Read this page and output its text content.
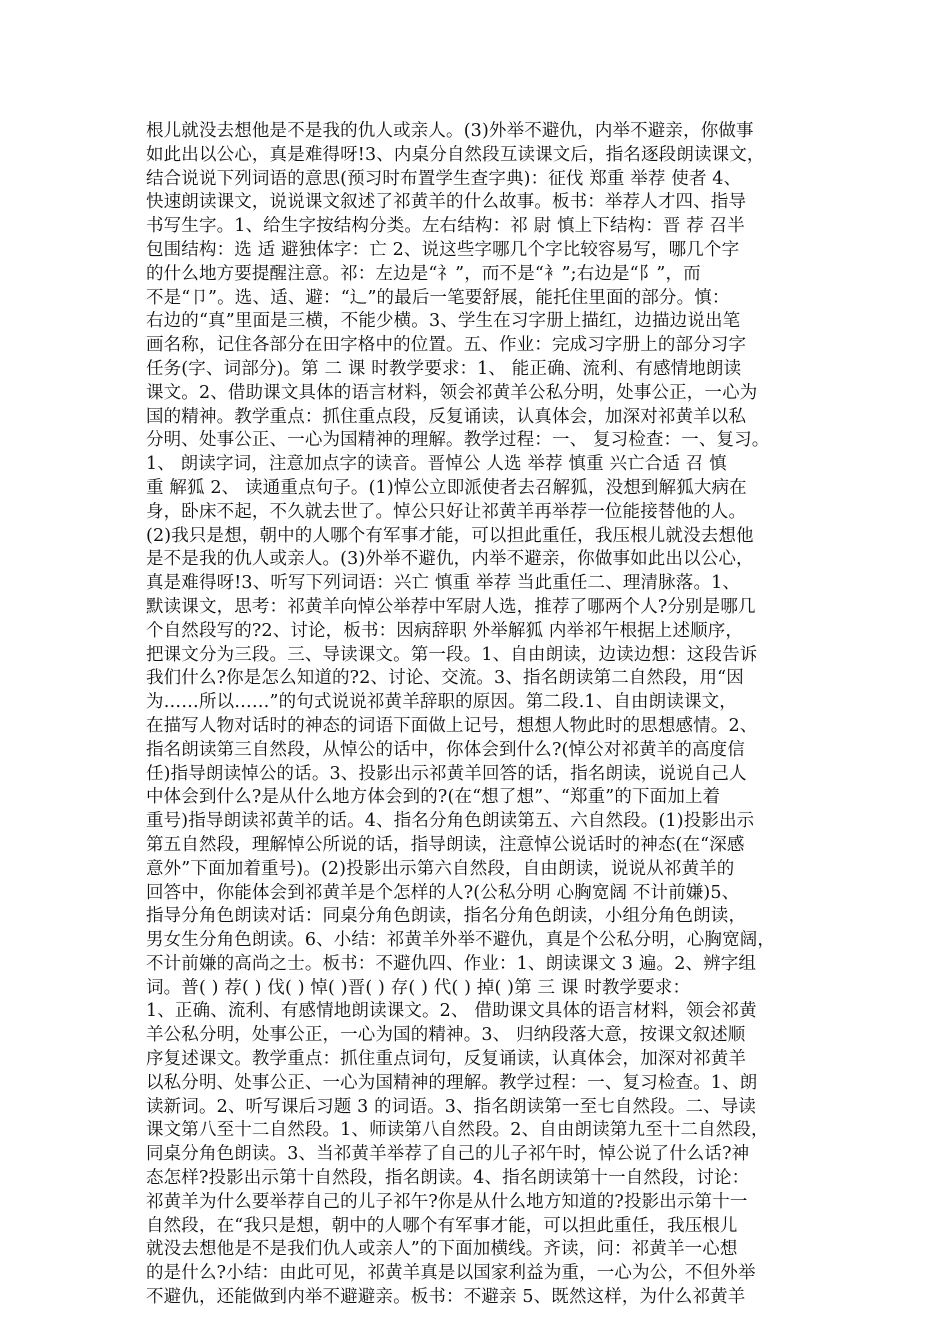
根儿就没去想他是不是我的仇人或亲人。(3)外举不避仇，内举不避亲，你做事
如此出以公心，真是难得呀!3、内桌分自然段互读课文后，指名逐段朗读课文，
结合说说下列词语的意思(预习时布置学生查字典)：征伐 郑重 举荐 使者 4、
快速朗读课文，说说课文叙述了祁黄羊的什么故事。板书：举荐人才四、指导
书写生字。1、给生字按结构分类。左右结构：祁 尉 慎上下结构：晋 荐 召半
包围结构：选 适 避独体字：亡 2、说这些字哪几个字比较容易写，哪几个字
的什么地方要提醒注意。祁：左边是“礻”，而不是“衤”;右边是“阝”，而
不是“卩”。选、适、避：“辶”的最后一笔要舒展，能托住里面的部分。慎：
右边的“真”里面是三横，不能少横。3、学生在习字册上描红，边描边说出笔
画名称，记住各部分在田字格中的位置。五、作业：完成习字册上的部分习字
任务(字、词部分)。第 二 课 时教学要求：1、 能正确、流利、有感情地朗读
课文。2、借助课文具体的语言材料，领会祁黄羊公私分明，处事公正，一心为
国的精神。教学重点：抓住重点段，反复诵读，认真体会，加深对祁黄羊以私
分明、处事公正、一心为国精神的理解。教学过程：一、 复习检查：一、复习。
1、 朗读字词，注意加点字的读音。晋悼公 人选 举荐 慎重 兴亡合适 召 慎
重 解狐 2、 读通重点句子。(1)悼公立即派使者去召解狐，没想到解狐大病在
身，卧床不起，不久就去世了。悼公只好让祁黄羊再举荐一位能接替他的人。
(2)我只是想，朝中的人哪个有军事才能，可以担此重任，我压根儿就没去想他
是不是我的仇人或亲人。(3)外举不避仇，内举不避亲，你做事如此出以公心，
真是难得呀!3、听写下列词语：兴亡 慎重 举荐 当此重任二、理清脉落。1、
默读课文，思考：祁黄羊向悼公举荐中军尉人选，推荐了哪两个人?分别是哪几
个自然段写的?2、讨论，板书：因病辞职 外举解狐 内举祁午根据上述顺序，
把课文分为三段。三、导读课文。第一段。1、自由朗读，边读边想：这段告诉
我们什么?你是怎么知道的?2、讨论、交流。3、指名朗读第二自然段，用“因
为……所以……”的句式说说祁黄羊辞职的原因。第二段.1、自由朗读课文，
在描写人物对话时的神态的词语下面做上记号，想想人物此时的思想感情。2、
指名朗读第三自然段，从悼公的话中，你体会到什么?(悼公对祁黄羊的高度信
任)指导朗读悼公的话。3、投影出示祁黄羊回答的话，指名朗读，说说自己人
中体会到什么?是从什么地方体会到的?(在“想了想”、“郑重”的下面加上着
重号)指导朗读祁黄羊的话。4、指名分角色朗读第五、六自然段。(1)投影出示
第五自然段，理解悼公所说的话，指导朗读，注意悼公说话时的神态(在“深感
意外”下面加着重号)。(2)投影出示第六自然段，自由朗读，说说从祁黄羊的
回答中，你能体会到祁黄羊是个怎样的人?(公私分明 心胸宽阔 不计前嫌)5、
指导分角色朗读对话：同桌分角色朗读，指名分角色朗读，小组分角色朗读，
男女生分角色朗读。6、小结：祁黄羊外举不避仇，真是个公私分明，心胸宽阔，
不计前嫌的高尚之士。板书：不避仇四、作业：1、朗读课文 3 遍。2、辨字组
词。普( ) 荐( ) 伐( ) 悼( )晋( ) 存( ) 代( ) 掉( )第 三 课 时教学要求：
1、正确、流利、有感情地朗读课文。2、 借助课文具体的语言材料，领会祁黄
羊公私分明，处事公正，一心为国的精神。3、 归纳段落大意，按课文叙述顺
序复述课文。教学重点：抓住重点词句，反复诵读，认真体会，加深对祁黄羊
以私分明、处事公正、一心为国精神的理解。教学过程：一、复习检查。1、朗
读新词。2、听写课后习题 3 的词语。3、指名朗读第一至七自然段。二、导读
课文第八至十二自然段。1、师读第八自然段。2、自由朗读第九至十二自然段，
同桌分角色朗读。3、当祁黄羊举荐了自己的儿子祁午时，悼公说了什么话?神
态怎样?投影出示第十自然段，指名朗读。4、指名朗读第十一自然段，讨论：
祁黄羊为什么要举荐自己的儿子祁午?你是从什么地方知道的?投影出示第十一
自然段，在“我只是想，朝中的人哪个有军事才能，可以担此重任，我压根儿
就没去想他是不是我们仇人或亲人”的下面加横线。齐读，问：祁黄羊一心想
的是什么?小结：由此可见，祁黄羊真是以国家利益为重，一心为公，不但外举
不避仇，还能做到内举不避避亲。板书：不避亲 5、既然这样，为什么祁黄羊
